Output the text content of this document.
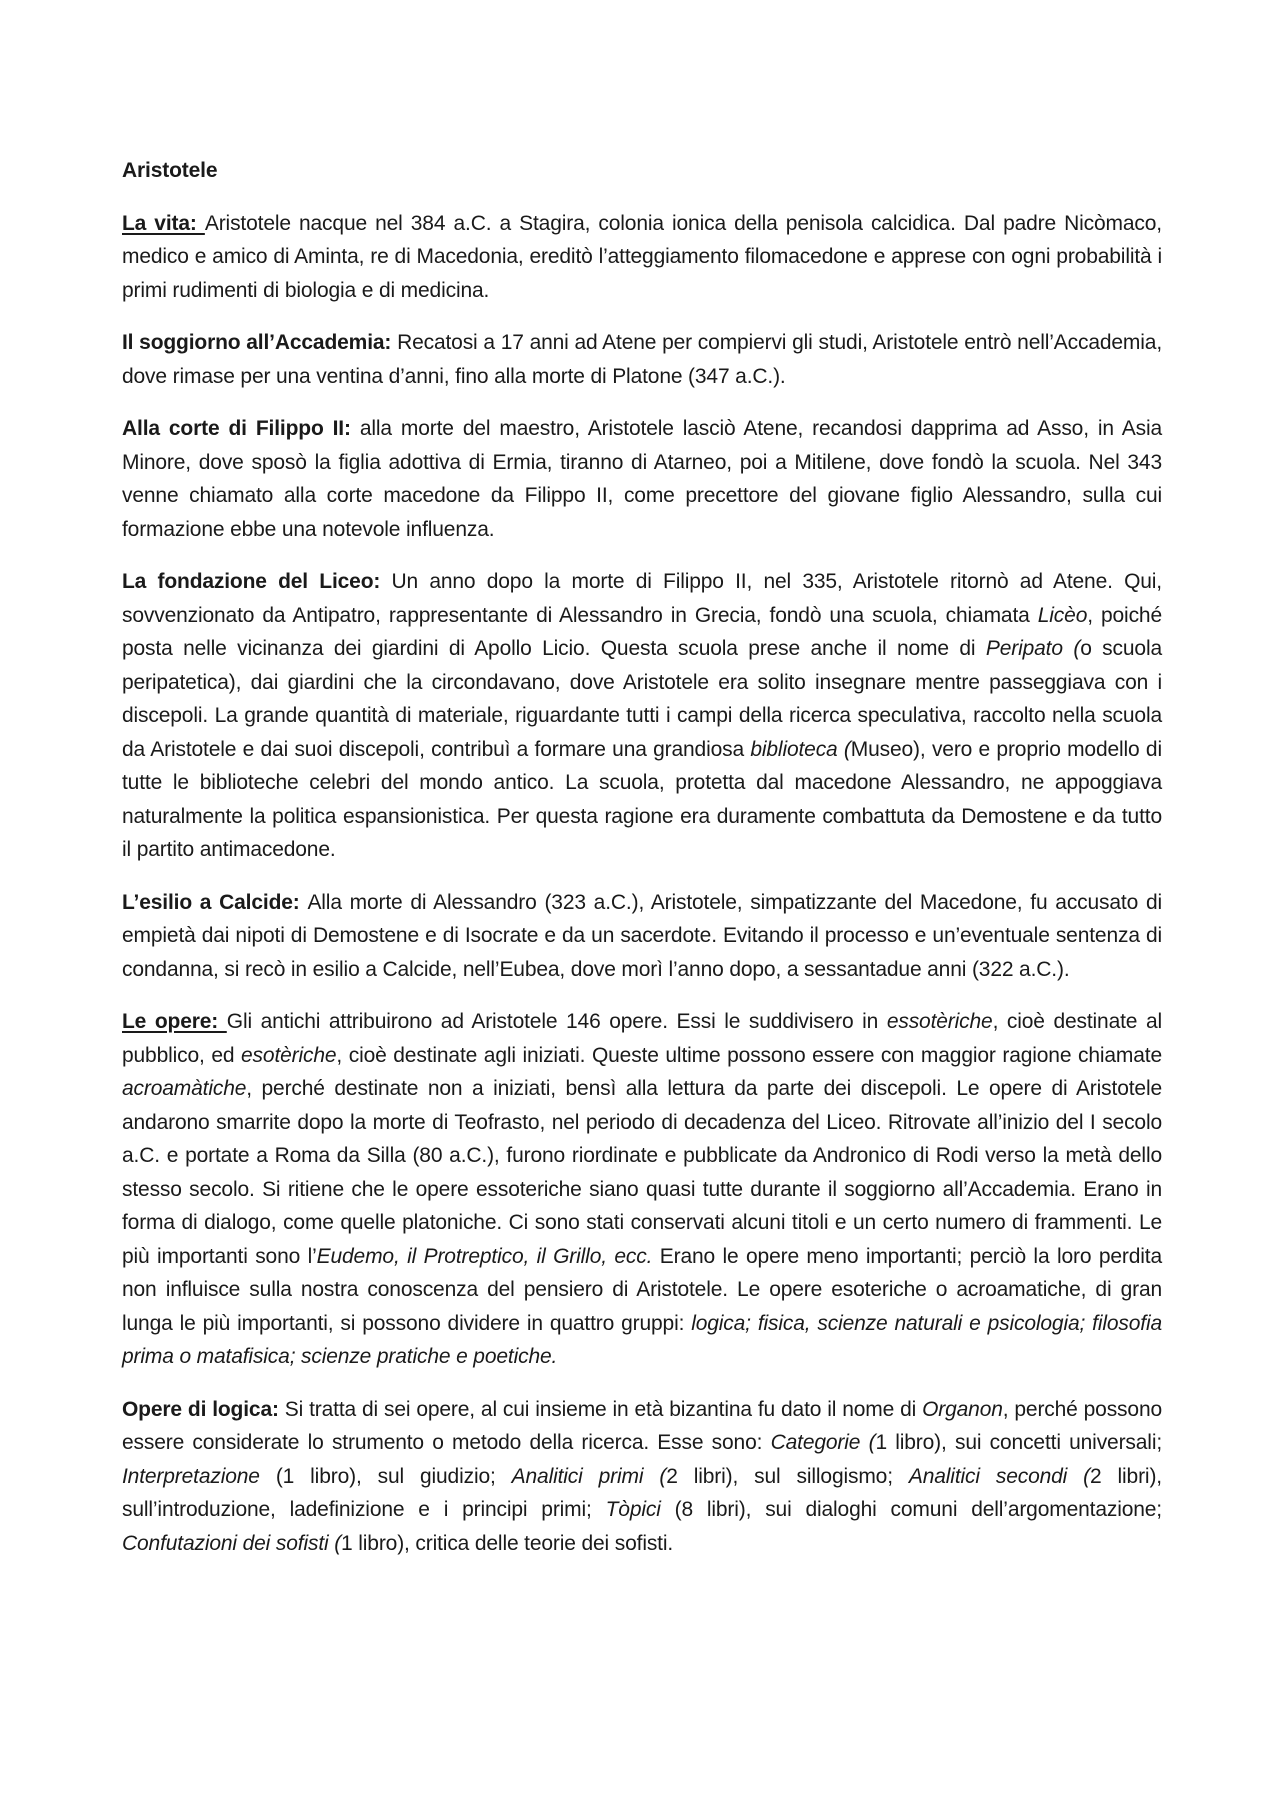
Aristotele

La vita: Aristotele nacque nel 384 a.C. a Stagira, colonia ionica della penisola calcidica. Dal padre Nicòmaco, medico e amico di Aminta, re di Macedonia, ereditò l’atteggiamento filomacedone e apprese con ogni probabilità i primi rudimenti di biologia e di medicina.

Il soggiorno all’Accademia: Recatosi a 17 anni ad Atene per compiervi gli studi, Aristotele entrò nell’Accademia, dove rimase per una ventina d’anni, fino alla morte di Platone (347 a.C.).

Alla corte di Filippo II: alla morte del maestro, Aristotele lasciò Atene, recandosi dapprima ad Asso, in Asia Minore, dove sposò la figlia adottiva di Ermia, tiranno di Atarneo, poi a Mitilene, dove fondò la scuola. Nel 343 venne chiamato alla corte macedone da Filippo II, come precettore del giovane figlio Alessandro, sulla cui formazione ebbe una notevole influenza.

La fondazione del Liceo: Un anno dopo la morte di Filippo II, nel 335, Aristotele ritornò ad Atene. Qui, sovvenzionato da Antipatro, rappresentante di Alessandro in Grecia, fondò una scuola, chiamata Licèo, poiché posta nelle vicinanza dei giardini di Apollo Licio. Questa scuola prese anche il nome di Peripato (o scuola peripatetica), dai giardini che la circondavano, dove Aristotele era solito insegnare mentre passeggiava con i discepoli. La grande quantità di materiale, riguardante tutti i campi della ricerca speculativa, raccolto nella scuola da Aristotele e dai suoi discepoli, contribuì a formare una grandiosa biblioteca (Museo), vero e proprio modello di tutte le biblioteche celebri del mondo antico. La scuola, protetta dal macedone Alessandro, ne appoggiava naturalmente la politica espansionistica. Per questa ragione era duramente combattuta da Demostene e da tutto il partito antimacedone.

L’esilio a Calcide: Alla morte di Alessandro (323 a.C.), Aristotele, simpatizzante del Macedone, fu accusato di empietà dai nipoti di Demostene e di Isocrate e da un sacerdote. Evitando il processo e un’eventuale sentenza di condanna, si recò in esilio a Calcide, nell’Eubea, dove morì l’anno dopo, a sessantadue anni (322 a.C.).

Le opere: Gli antichi attribuirono ad Aristotele 146 opere. Essi le suddivisero in essotèriche, cioè destinate al pubblico, ed esotèriche, cioè destinate agli iniziati. Queste ultime possono essere con maggior ragione chiamate acroamàtiche, perché destinate non a iniziati, bensì alla lettura da parte dei discepoli. Le opere di Aristotele andarono smarrite dopo la morte di Teofrasto, nel periodo di decadenza del Liceo. Ritrovate all’inizio del I secolo a.C. e portate a Roma da Silla (80 a.C.), furono riordinate e pubblicate da Andronico di Rodi verso la metà dello stesso secolo. Si ritiene che le opere essoteriche siano quasi tutte durante il soggiorno all’Accademia. Erano in forma di dialogo, come quelle platoniche. Ci sono stati conservati alcuni titoli e un certo numero di frammenti. Le più importanti sono l’Eudemo, il Protreptico, il Grillo, ecc. Erano le opere meno importanti; perciò la loro perdita non influisce sulla nostra conoscenza del pensiero di Aristotele. Le opere esoteriche o acroamatiche, di gran lunga le più importanti, si possono dividere in quattro gruppi: logica; fisica, scienze naturali e psicologia; filosofia prima o matafisica; scienze pratiche e poetiche.

Opere di logica: Si tratta di sei opere, al cui insieme in età bizantina fu dato il nome di Organon, perché possono essere considerate lo strumento o metodo della ricerca. Esse sono: Categorie (1 libro), sui concetti universali; Interpretazione (1 libro), sul giudizio; Analitici primi (2 libri), sul sillogismo; Analitici secondi (2 libri), sull’introduzione, ladefinizione e i principi primi; Tòpici (8 libri), sui dialoghi comuni dell’argomentazione; Confutazioni dei sofisti (1 libro), critica delle teorie dei sofisti.
